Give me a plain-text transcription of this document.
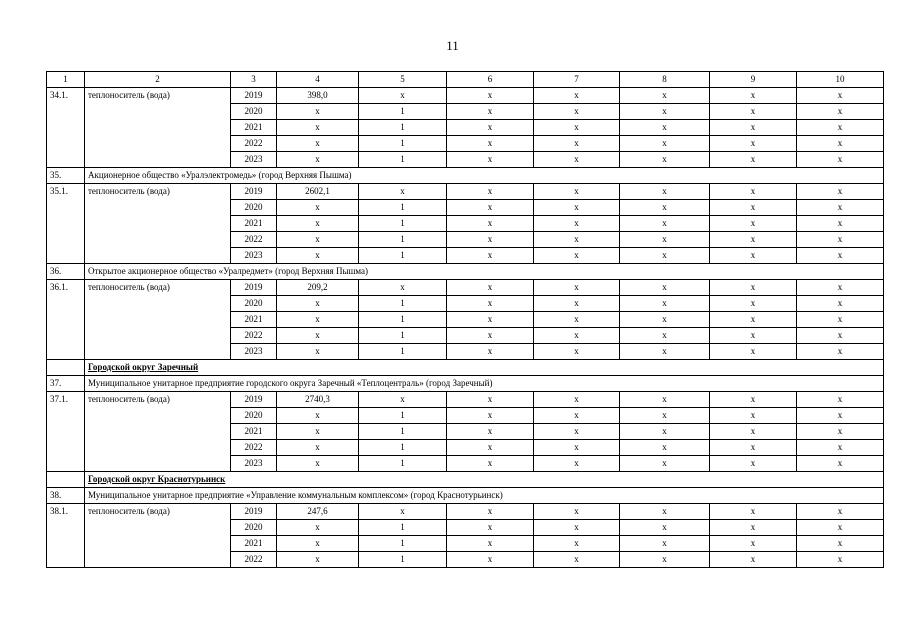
11
1	2	3	4	5	6	7	8	9	10
34.1.	теплоноситель (вода)	2019	398,0	х	х	х	х	х	х
		2020	х	1	х	х	х	х	х
		2021	х	1	х	х	х	х	х
		2022	х	1	х	х	х	х	х
		2023	х	1	х	х	х	х	х
35.	Акционерное общество «Уралэлектромедь» (город Верхняя Пышма)								
35.1.	теплоноситель (вода)	2019	2602,1	х	х	х	х	х	х
		2020	х	1	х	х	х	х	х
		2021	х	1	х	х	х	х	х
		2022	х	1	х	х	х	х	х
		2023	х	1	х	х	х	х	х
36.	Открытое акционерное общество «Уралредмет» (город Верхняя Пышма)								
36.1.	теплоноситель (вода)	2019	209,2	х	х	х	х	х	х
		2020	х	1	х	х	х	х	х
		2021	х	1	х	х	х	х	х
		2022	х	1	х	х	х	х	х
		2023	х	1	х	х	х	х	х
	Городской округ Заречный								
37.	Муниципальное унитарное предприятие городского округа Заречный «Теплоцентраль» (город Заречный)								
37.1.	теплоноситель (вода)	2019	2740,3	х	х	х	х	х	х
		2020	х	1	х	х	х	х	х
		2021	х	1	х	х	х	х	х
		2022	х	1	х	х	х	х	х
		2023	х	1	х	х	х	х	х
	Городской округ Краснотурьинск								
38.	Муниципальное унитарное предприятие «Управление коммунальным комплексом» (город Краснотурьинск)								
38.1.	теплоноситель (вода)	2019	247,6	х	х	х	х	х	х
		2020	х	1	х	х	х	х	х
		2021	х	1	х	х	х	х	х
		2022	х	1	х	х	х	х	х
